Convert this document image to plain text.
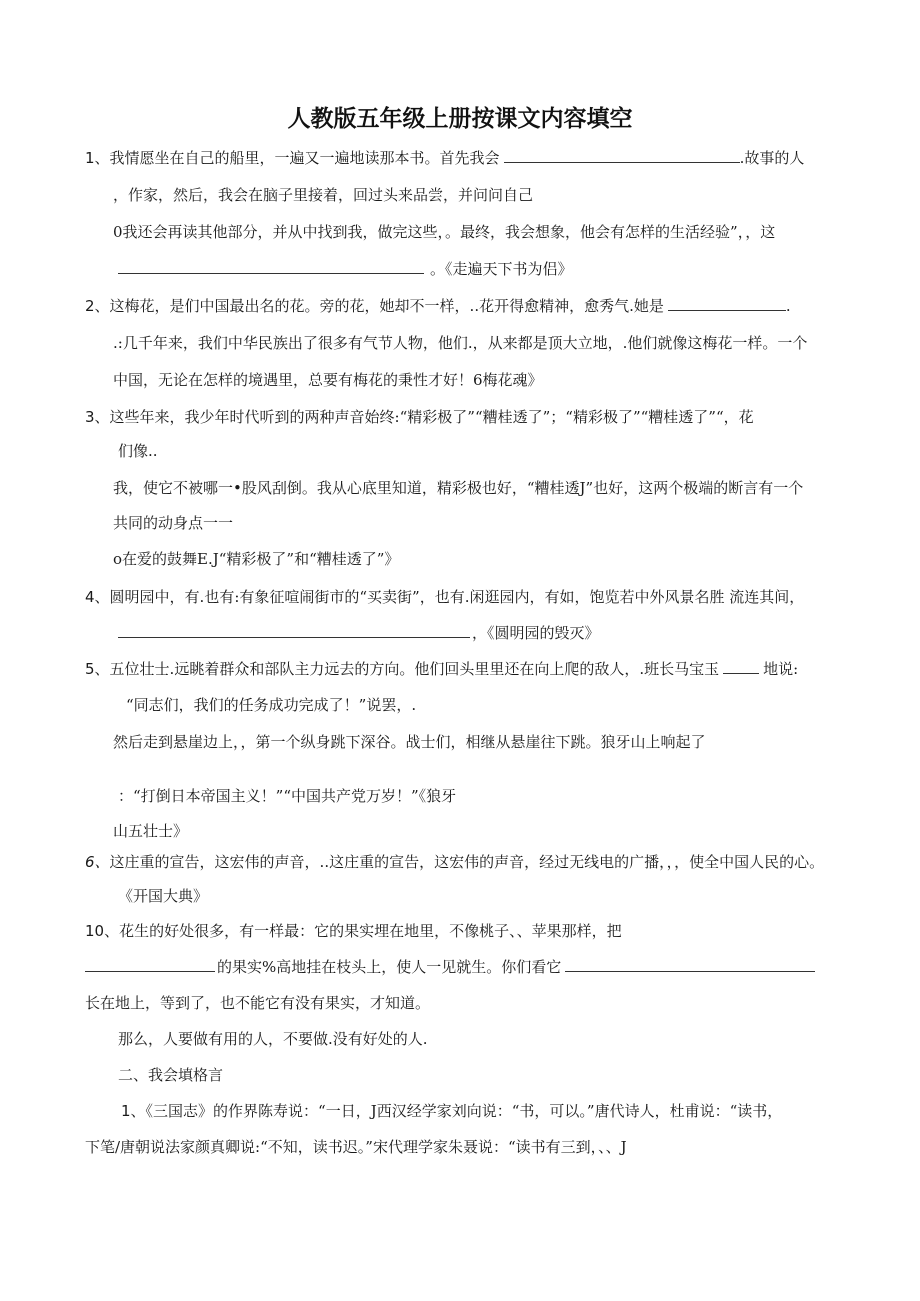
人教版五年级上册按课文内容填空
1、我情愿坐在自己的船里，一遍又一遍地读那本书。首先我会	.故事的人
，作家，然后，我会在脑子里接着，回过头来品尝，并问问自己
0我还会再读其他部分，并从中找到我，做完这些，。最终，我会想象，他会有怎样的生活经验”，，这
。《走遍天下书为侣》
2、这梅花，是们中国最出名的花。旁的花，她却不一样，..花开得愈精神，愈秀气.她是	.
.:几千年来，我们中华民族出了很多有气节人物，他们.，从来都是顶大立地，.他们就像这梅花一样。一个
中国，无论在怎样的境遇里，总要有梅花的秉性才好！6梅花魂》
3、这些年来，我少年时代听到的两种声音始终:“精彩极了”“糟桂透了”；“精彩极了”“糟桂透了”“，花
们像..
我，使它不被哪一•股风刮倒。我从心底里知道，精彩极也好，“糟桂透J”也好，这两个极端的断言有一个
共同的动身点一一
o在爱的鼓舞E.J“精彩极了”和“糟桂透了”》
4、圆明园中，有.也有:有象征喧闹街市的“买卖街”，也有.闲逛园内，有如，饱览若中外风景名胜 流连其间，
，《圆明园的毁灭》
5、五位壮士.远眺着群众和部队主力远去的方向。他们回头里里还在向上爬的敌人，.班长马宝玉	地说:
“同志们，我们的任务成功完成了！”说罢，.
然后走到悬崖边上，，第一个纵身跳下深谷。战士们，相继从悬崖往下跳。狼牙山上响起了
：“打倒日本帝国主义！”“中国共产党万岁！”《狼牙
山五壮士》
6、这庄重的宣告，这宏伟的声音，..这庄重的宣告，这宏伟的声音，经过无线电的广播，，，使全中国人民的心。
《开国大典》
10、花生的好处很多，有一样最：它的果实埋在地里，不像桃子、、苹果那样，把
的果实%高地挂在枝头上，使人一见就生。你们看它
长在地上，等到了，也不能它有没有果实，才知道。
那么，人要做有用的人，不要做.没有好处的人.
二、我会填格言
1、《三国志》的作界陈寿说：“一日，J西汉经学家刘向说：“书，可以。”唐代诗人，杜甫说：“读书，
下笔/唐朝说法家颜真卿说:“不知，读书迟。”宋代理学家朱聂说：“读书有三到，、、J
